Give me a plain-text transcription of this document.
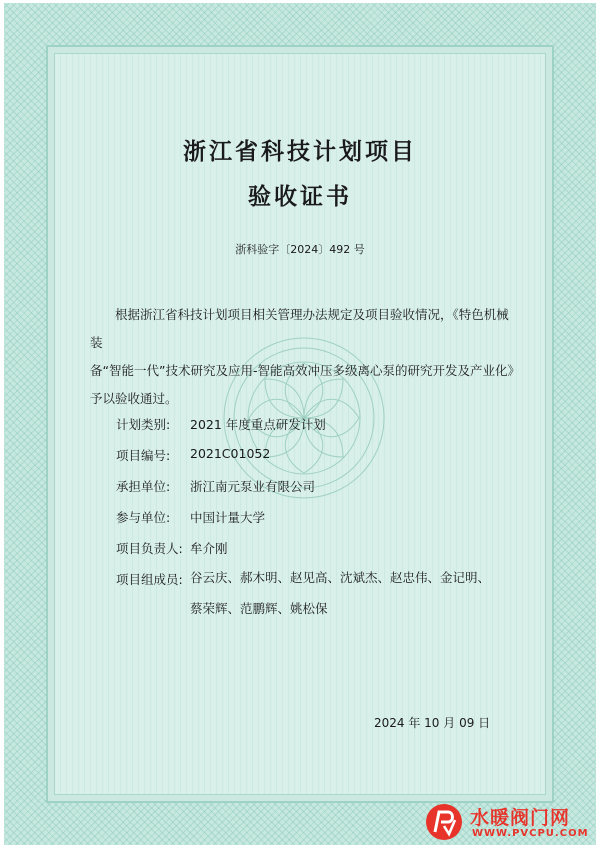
浙江省科技计划项目
验收证书
浙科验字〔2024〕492 号

根据浙江省科技计划项目相关管理办法规定及项目验收情况，《特色机械装

备“智能一代”技术研究及应用-智能高效冲压多级离心泵的研究开发及产业化》

予以验收通过。

计划类别:	2021 年度重点研发计划
项目编号:	2021C01052
承担单位:	浙江南元泵业有限公司
参与单位:	中国计量大学
项目负责人: 牟介刚
项目组成员: 谷云庆、郝木明、赵见高、沈斌杰、赵忠伟、金记明、
蔡荣辉、范鹏辉、姚松保
2024 年 10 月 09 日
水暖阀门网
WWW.PVCPU.COM
